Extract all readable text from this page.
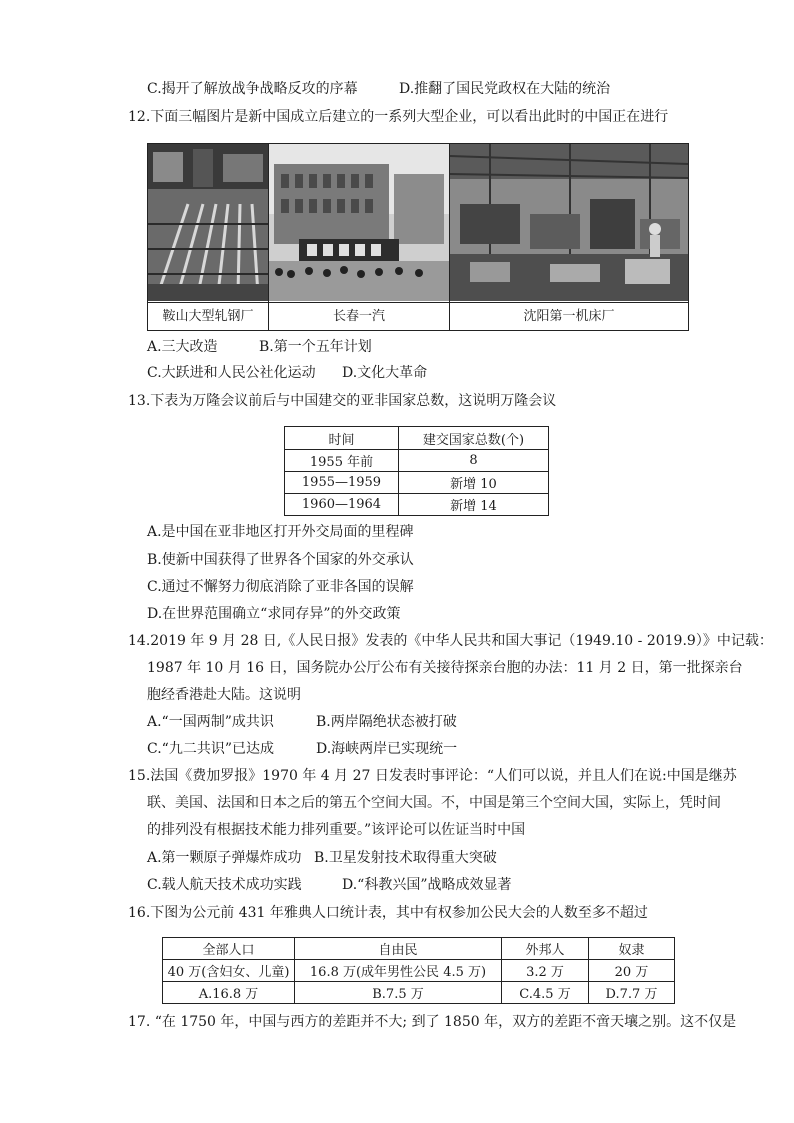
C.揭开了解放战争战略反攻的序幕	D.推翻了国民党政权在大陆的统治
12.下面三幅图片是新中国成立后建立的一系列大型企业，可以看出此时的中国正在进行
鞍山大型轧钢厂	长春一汽	沈阳第一机床厂
A.三大改造	B.第一个五年计划
C.大跃进和人民公社化运动 D.文化大革命
13.下表为万隆会议前后与中国建交的亚非国家总数，这说明万隆会议
时间	建交国家总数(个)
1955 年前	8
1955—1959	新增 10
1960—1964	新增 14
A.是中国在亚非地区打开外交局面的里程碑
B.使新中国获得了世界各个国家的外交承认
C.通过不懈努力彻底消除了亚非各国的误解
D.在世界范围确立“求同存异”的外交政策
14.2019 年 9 月 28 日,《人民日报》发表的《中华人民共和国大事记（1949.10 - 2019.9）》中记载：
1987 年 10 月 16 日，国务院办公厅公布有关接待探亲台胞的办法：11 月 2 日，第一批探亲台
胞经香港赴大陆。这说明
A.“一国两制”成共识	B.两岸隔绝状态被打破
C.“九二共识”已达成	D.海峡两岸已实现统一
15.法国《费加罗报》1970 年 4 月 27 日发表时事评论：“人们可以说，并且人们在说:中国是继苏
联、美国、法国和日本之后的第五个空间大国。不，中国是第三个空间大国，实际上，凭时间
的排列没有根据技术能力排列重要。”该评论可以佐证当时中国
A.第一颗原子弹爆炸成功 B.卫星发射技术取得重大突破
C.载人航天技术成功实践	D.“科教兴国”战略成效显著
16.下图为公元前 431 年雅典人口统计表，其中有权参加公民大会的人数至多不超过
全部人口	自由民	外邦人	奴隶
40 万(含妇女、儿童)	16.8 万(成年男性公民 4.5 万)	3.2 万	20 万
A.16.8 万	B.7.5 万	C.4.5 万	D.7.7 万
17. “在 1750 年，中国与西方的差距并不大; 到了 1850 年，双方的差距不啻天壤之别。这不仅是
